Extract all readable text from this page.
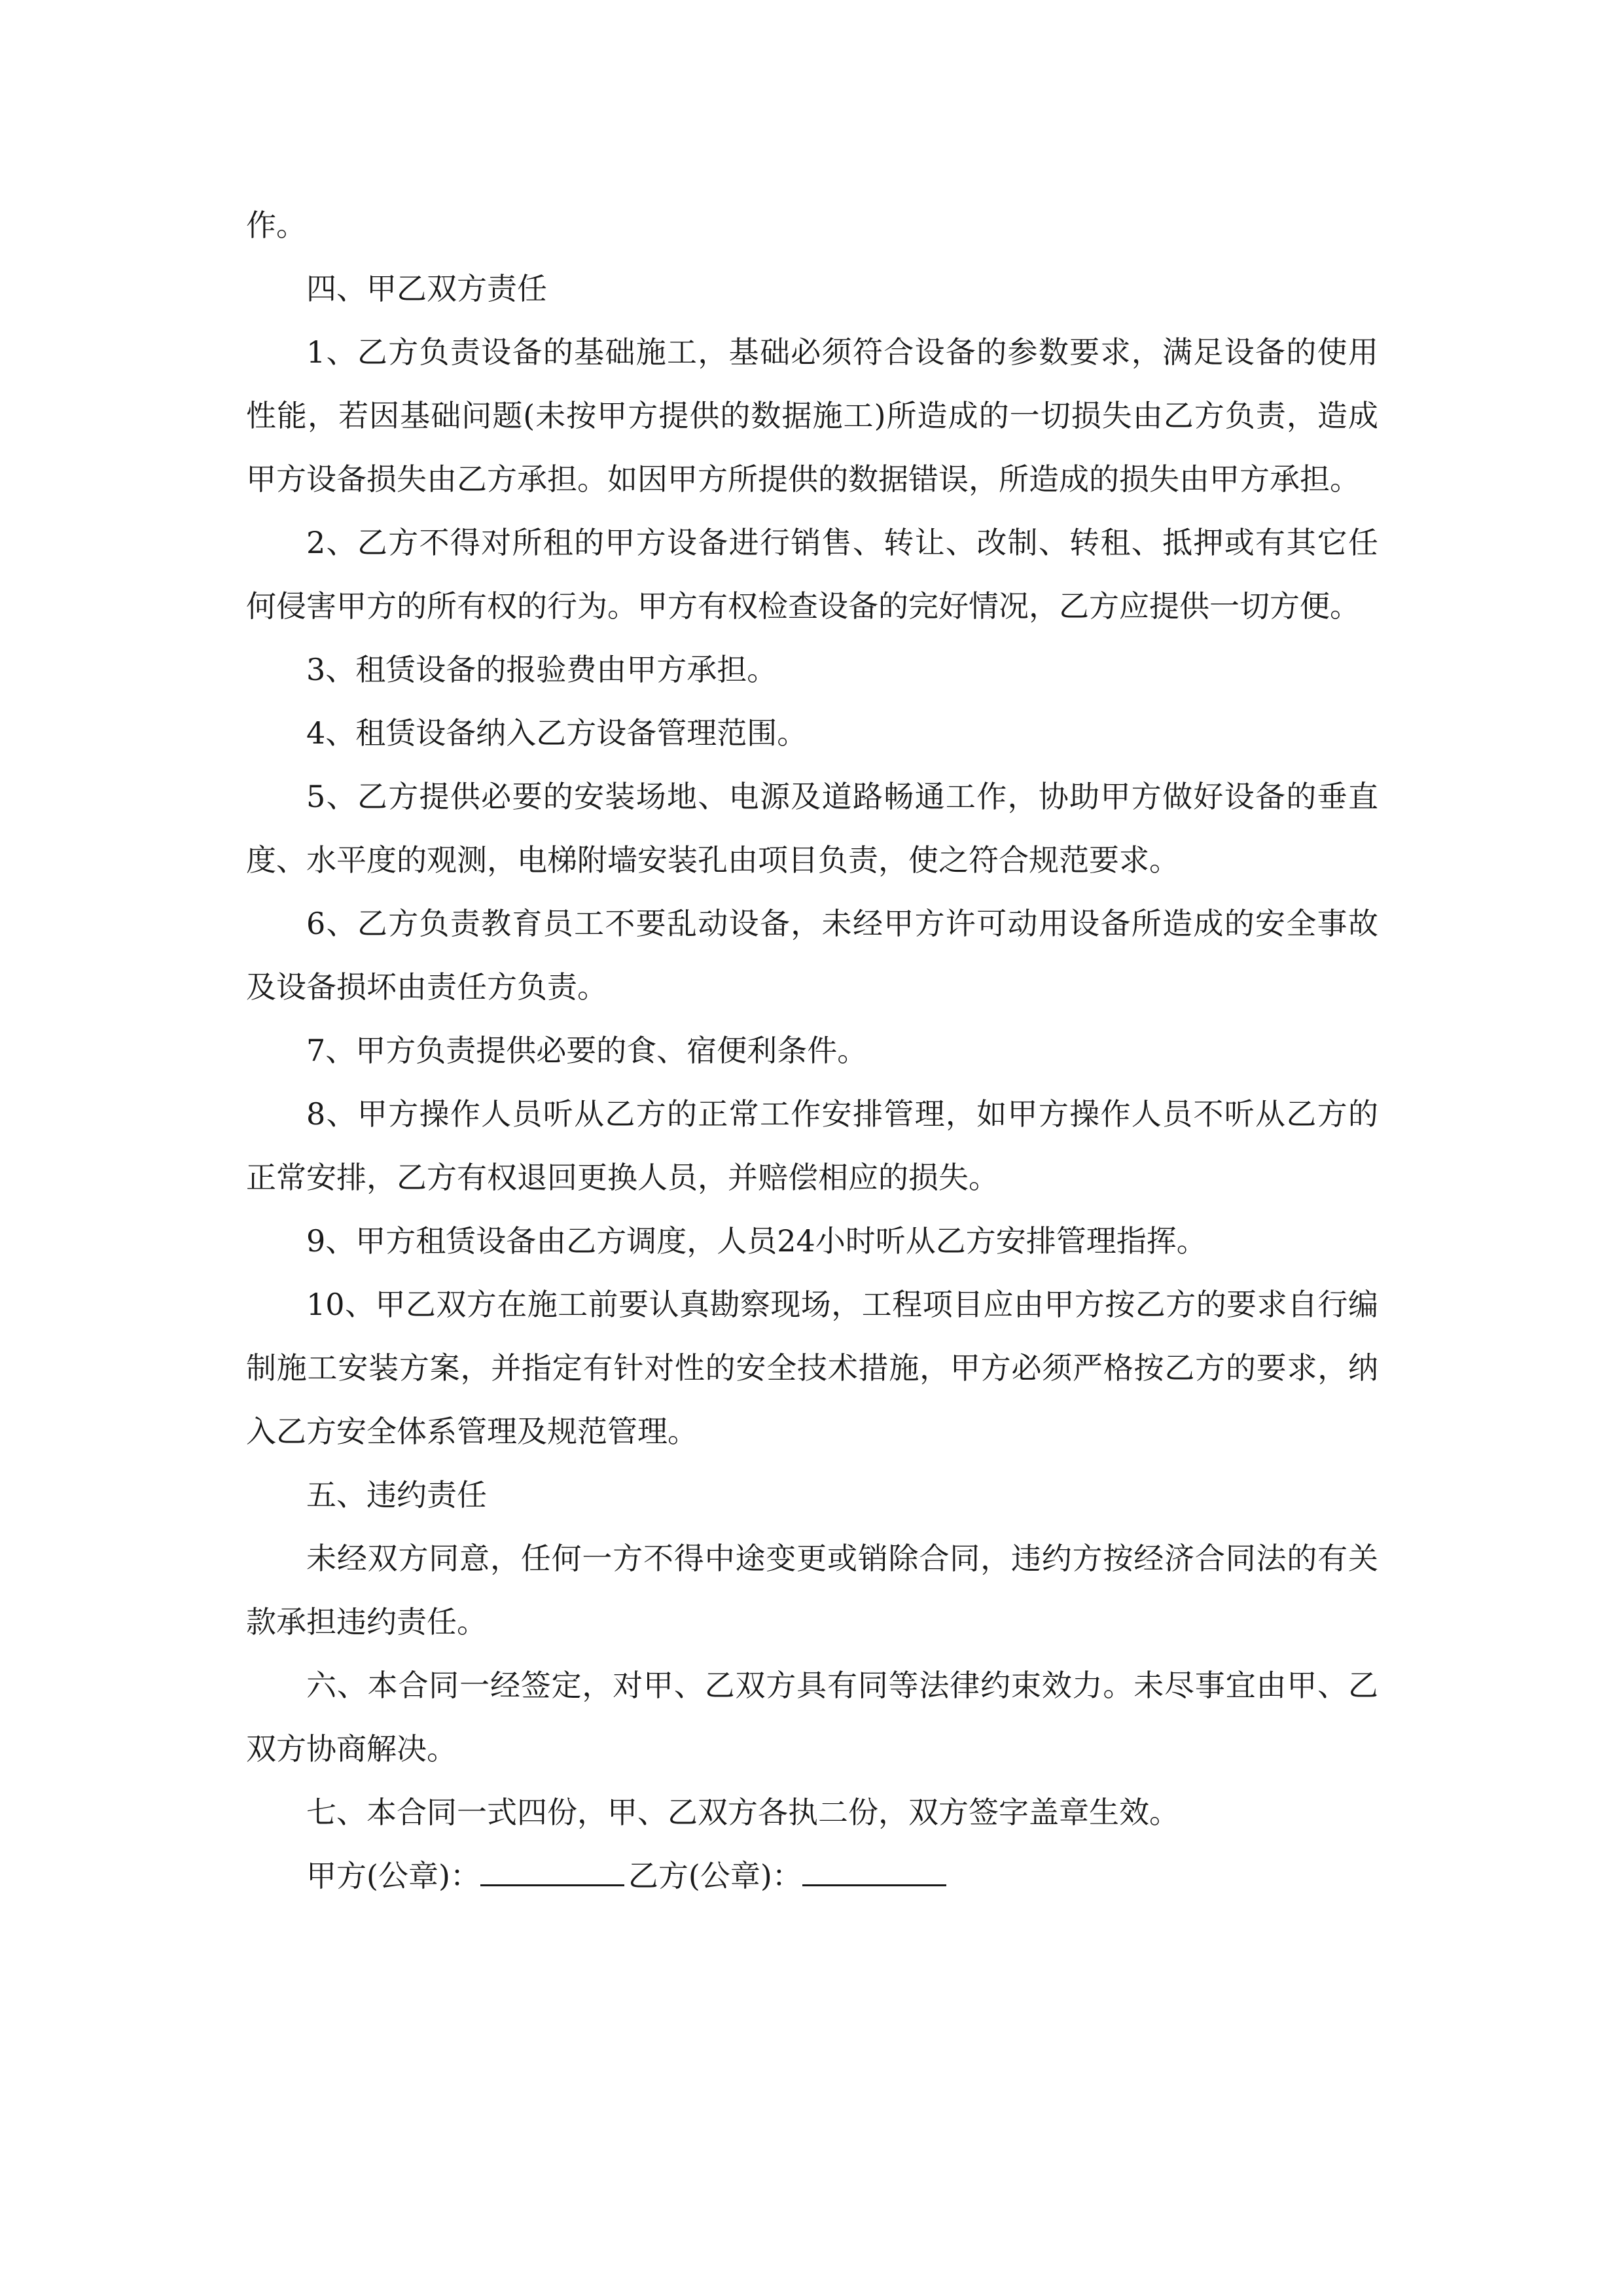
作。

四、甲乙双方责任

1、乙方负责设备的基础施工，基础必须符合设备的参数要求，满足设备的使用性能，若因基础问题(未按甲方提供的数据施工)所造成的一切损失由乙方负责，造成甲方设备损失由乙方承担。如因甲方所提供的数据错误，所造成的损失由甲方承担。

2、乙方不得对所租的甲方设备进行销售、转让、改制、转租、抵押或有其它任何侵害甲方的所有权的行为。甲方有权检查设备的完好情况，乙方应提供一切方便。

3、租赁设备的报验费由甲方承担。

4、租赁设备纳入乙方设备管理范围。

5、乙方提供必要的安装场地、电源及道路畅通工作，协助甲方做好设备的垂直度、水平度的观测，电梯附墙安装孔由项目负责，使之符合规范要求。

6、乙方负责教育员工不要乱动设备，未经甲方许可动用设备所造成的安全事故及设备损坏由责任方负责。

7、甲方负责提供必要的食、宿便利条件。

8、甲方操作人员听从乙方的正常工作安排管理，如甲方操作人员不听从乙方的正常安排，乙方有权退回更换人员，并赔偿相应的损失。

9、甲方租赁设备由乙方调度，人员24小时听从乙方安排管理指挥。

10、甲乙双方在施工前要认真勘察现场，工程项目应由甲方按乙方的要求自行编制施工安装方案，并指定有针对性的安全技术措施，甲方必须严格按乙方的要求，纳入乙方安全体系管理及规范管理。

五、违约责任

未经双方同意，任何一方不得中途变更或销除合同，违约方按经济合同法的有关款承担违约责任。

六、本合同一经签定，对甲、乙双方具有同等法律约束效力。未尽事宜由甲、乙双方协商解决。

七、本合同一式四份，甲、乙双方各执二份，双方签字盖章生效。

甲方(公章)：	乙方(公章)：
